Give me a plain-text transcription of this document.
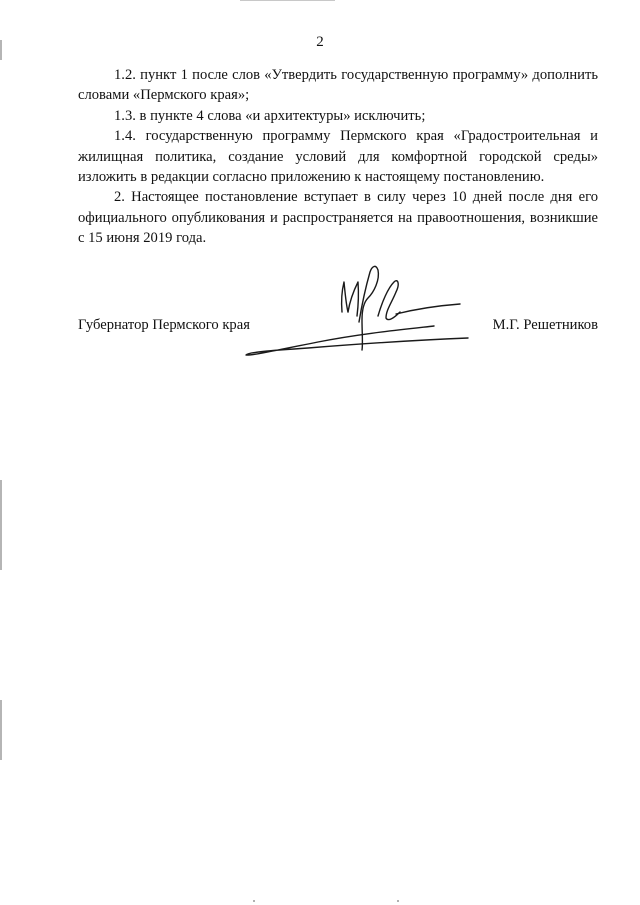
2

1.2. пункт 1 после слов «Утвердить государственную программу» дополнить словами «Пермского края»;

1.3. в пункте 4 слова «и архитектуры» исключить;

1.4. государственную программу Пермского края «Градостроительная и жилищная политика, создание условий для комфортной городской среды» изложить в редакции согласно приложению к настоящему постановлению.

2. Настоящее постановление вступает в силу через 10 дней после дня его официального опубликования и распространяется на правоотношения, возникшие с 15 июня 2019 года.

Губернатор Пермского края	М.Г. Решетников
